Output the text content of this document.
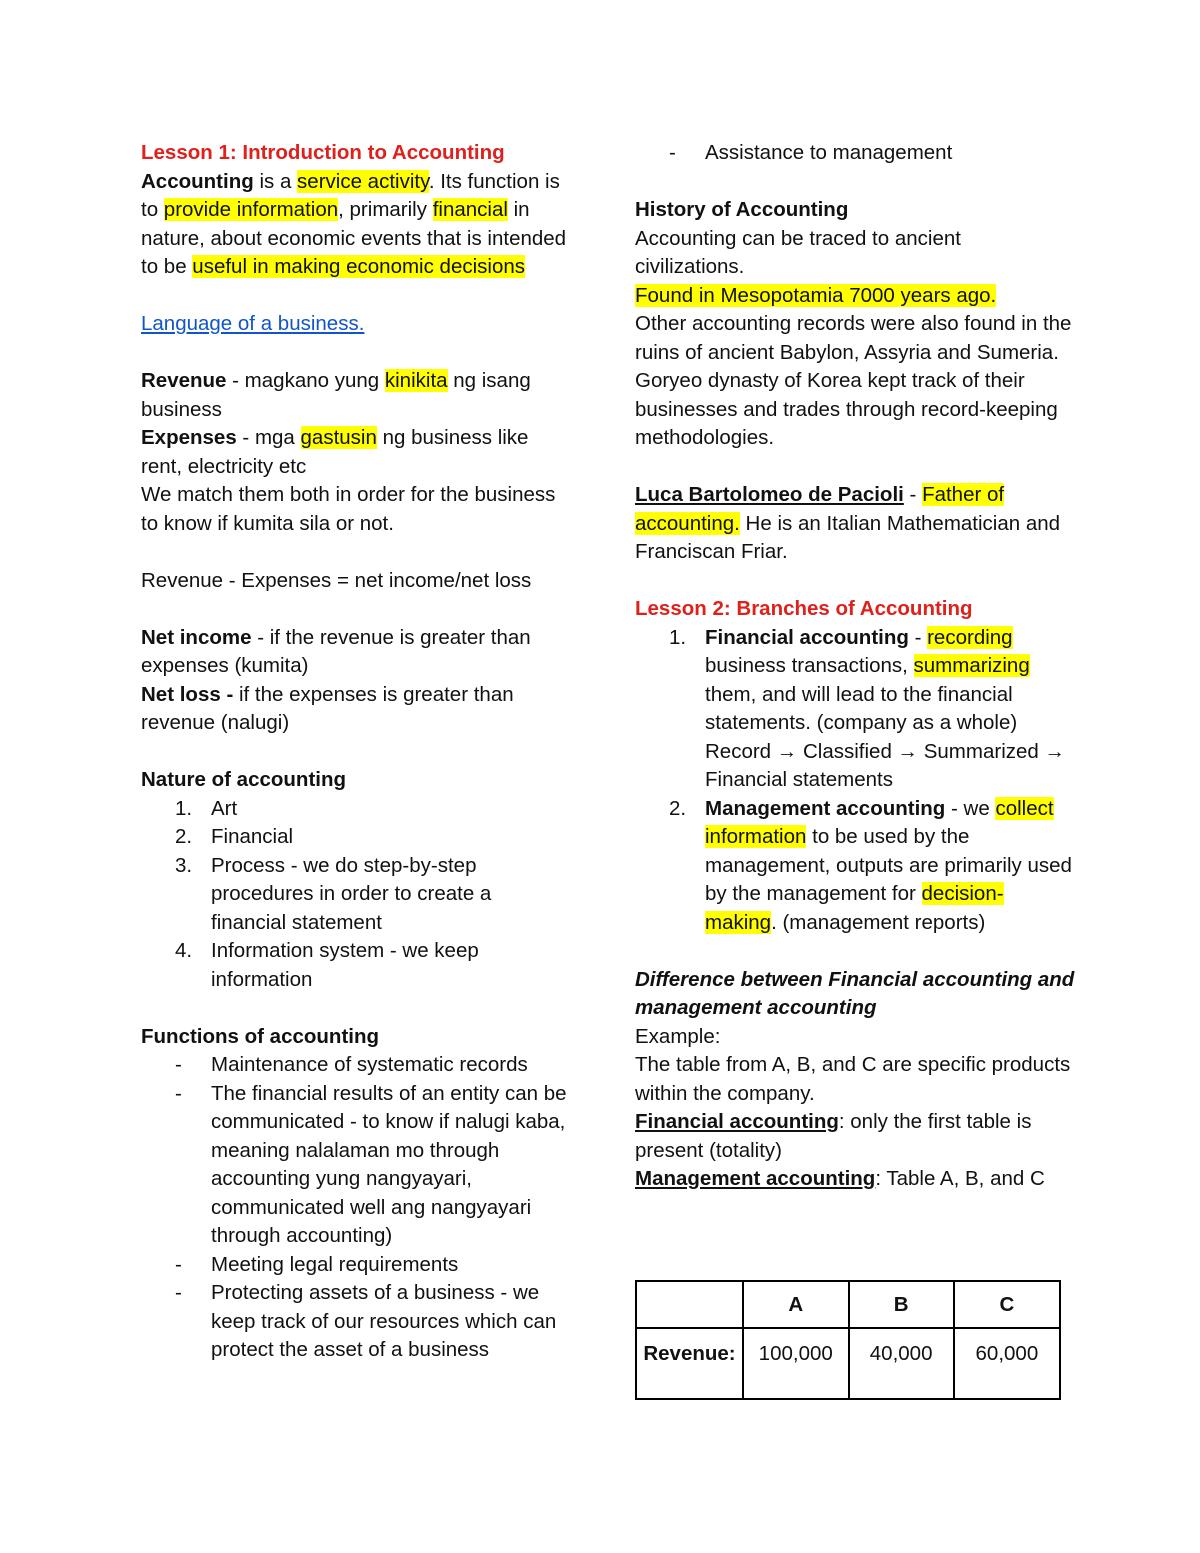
Lesson 1: Introduction to Accounting

Accounting is a service activity. Its function is to provide information, primarily financial in nature, about economic events that is intended to be useful in making economic decisions

Language of a business.

Revenue - magkano yung kinikita ng isang business

Expenses - mga gastusin ng business like rent, electricity etc

We match them both in order for the business to know if kumita sila or not.

Revenue - Expenses = net income/net loss

Net income - if the revenue is greater than expenses (kumita)

Net loss - if the expenses is greater than revenue (nalugi)

Nature of accounting

1. Art
2. Financial
3. Process - we do step-by-step procedures in order to create a financial statement
4. Information system - we keep information

Functions of accounting

- Maintenance of systematic records
- The financial results of an entity can be communicated - to know if nalugi kaba, meaning nalalaman mo through accounting yung nangyayari, communicated well ang nangyayari through accounting)
- Meeting legal requirements
- Protecting assets of a business - we keep track of our resources which can protect the asset of a business
- Assistance to management

History of Accounting

Accounting can be traced to ancient civilizations.

Found in Mesopotamia 7000 years ago.

Other accounting records were also found in the ruins of ancient Babylon, Assyria and Sumeria.

Goryeo dynasty of Korea kept track of their businesses and trades through record-keeping methodologies.

Luca Bartolomeo de Pacioli - Father of accounting. He is an Italian Mathematician and Franciscan Friar.

Lesson 2: Branches of Accounting

1. Financial accounting - recording business transactions, summarizing them, and will lead to the financial statements. (company as a whole) Record → Classified → Summarized → Financial statements
2. Management accounting - we collect information to be used by the management, outputs are primarily used by the management for decision-making. (management reports)

Difference between Financial accounting and management accounting

Example:

The table from A, B, and C are specific products within the company.

Financial accounting: only the first table is present (totality)

Management accounting: Table A, B, and C

	A	B	C
Revenue:	100,000	40,000	60,000
